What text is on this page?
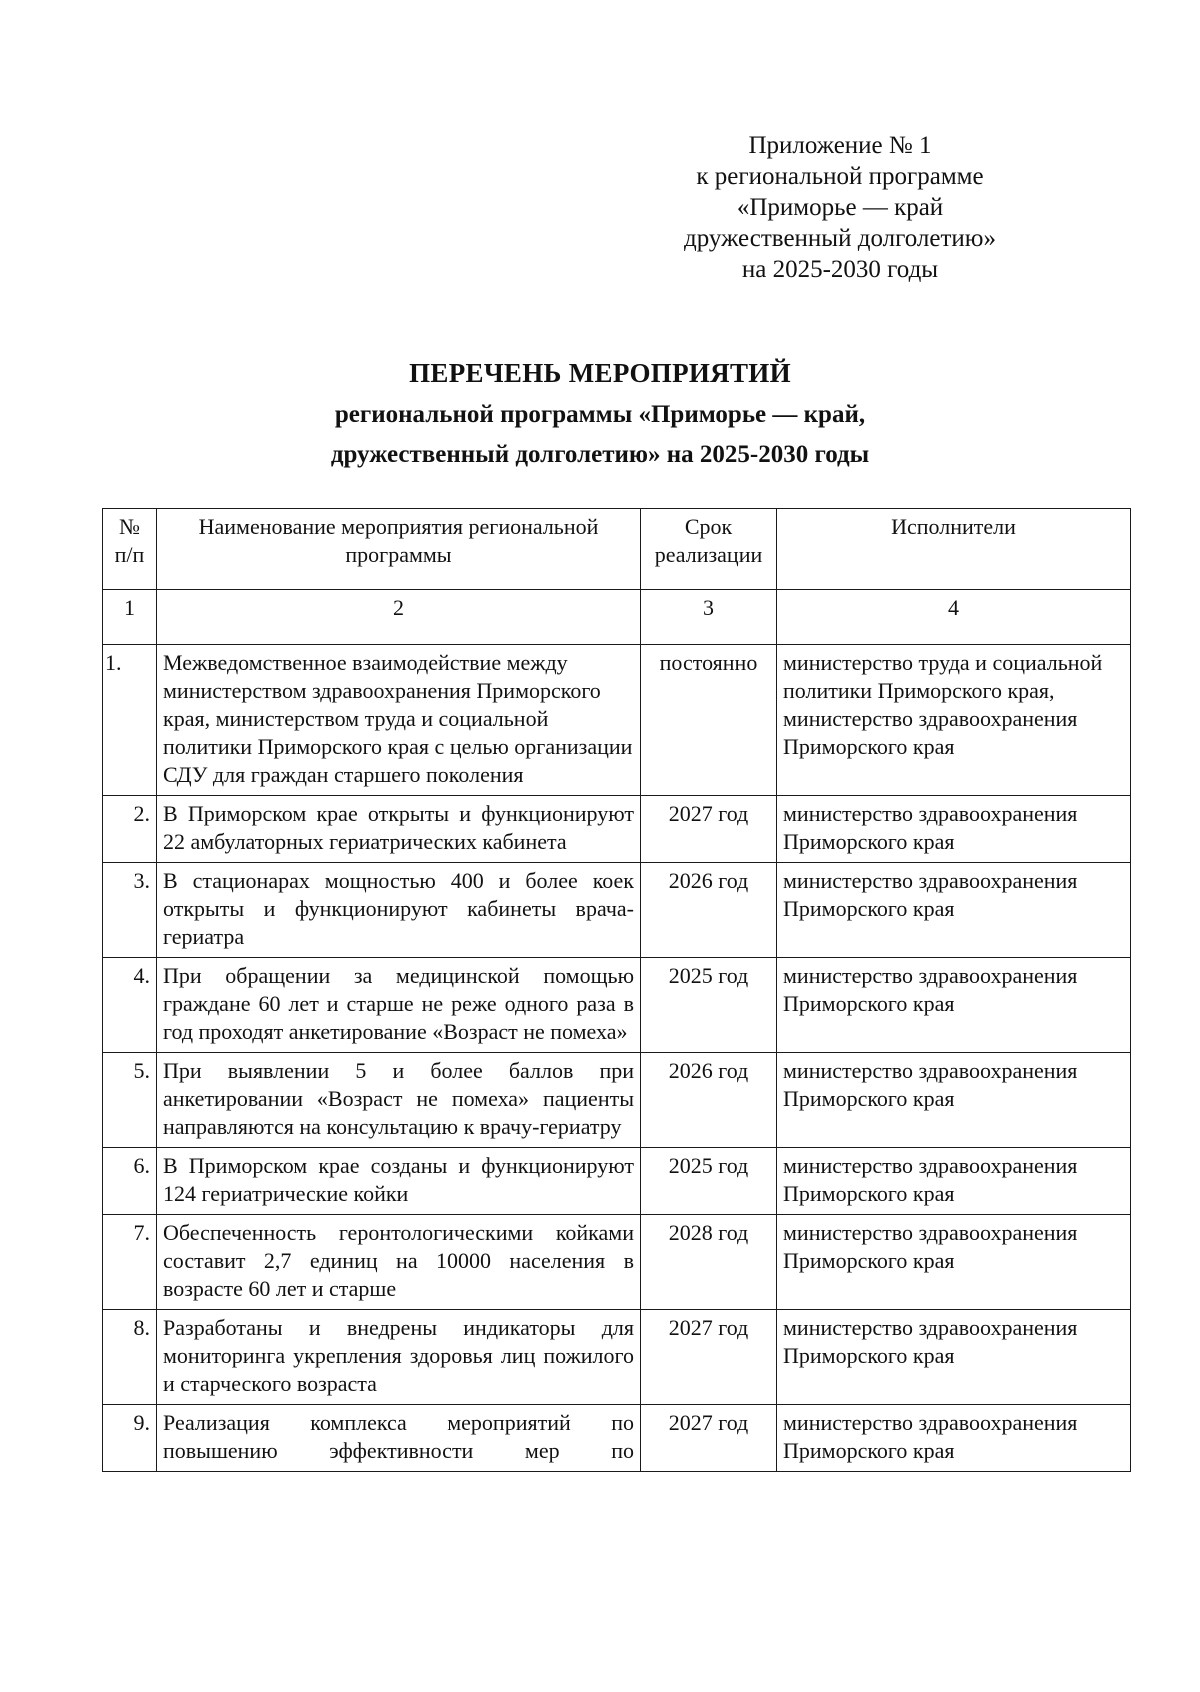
Приложение № 1
к региональной программе
«Приморье — край
дружественный долголетию»
на 2025-2030 годы
ПЕРЕЧЕНЬ МЕРОПРИЯТИЙ
региональной программы «Приморье — край,
дружественный долголетию» на 2025-2030 годы
№ п/п	Наименование мероприятия региональной программы	Срок реализации	Исполнители
1	2	3	4
1.	Межведомственное взаимодействие между министерством здравоохранения Приморского края, министерством труда и социальной политики Приморского края с целью организации СДУ для граждан старшего поколения	постоянно	министерство труда и социальной политики Приморского края, министерство здравоохранения Приморского края
2.	В Приморском крае открыты и функционируют 22 амбулаторных гериатрических кабинета	2027 год	министерство здравоохранения Приморского края
3.	В стационарах мощностью 400 и более коек открыты и функционируют кабинеты врача-гериатра	2026 год	министерство здравоохранения Приморского края
4.	При обращении за медицинской помощью граждане 60 лет и старше не реже одного раза в год проходят анкетирование «Возраст не помеха»	2025 год	министерство здравоохранения Приморского края
5.	При выявлении 5 и более баллов при анкетировании «Возраст не помеха» пациенты направляются на консультацию к врачу-гериатру	2026 год	министерство здравоохранения Приморского края
6.	В Приморском крае созданы и функционируют 124 гериатрические койки	2025 год	министерство здравоохранения Приморского края
7.	Обеспеченность геронтологическими койками составит 2,7 единиц на 10000 населения в возрасте 60 лет и старше	2028 год	министерство здравоохранения Приморского края
8.	Разработаны и внедрены индикаторы для мониторинга укрепления здоровья лиц пожилого и старческого возраста	2027 год	министерство здравоохранения Приморского края
9.	Реализация комплекса мероприятий по повышению эффективности мер по	2027 год	министерство здравоохранения Приморского края
